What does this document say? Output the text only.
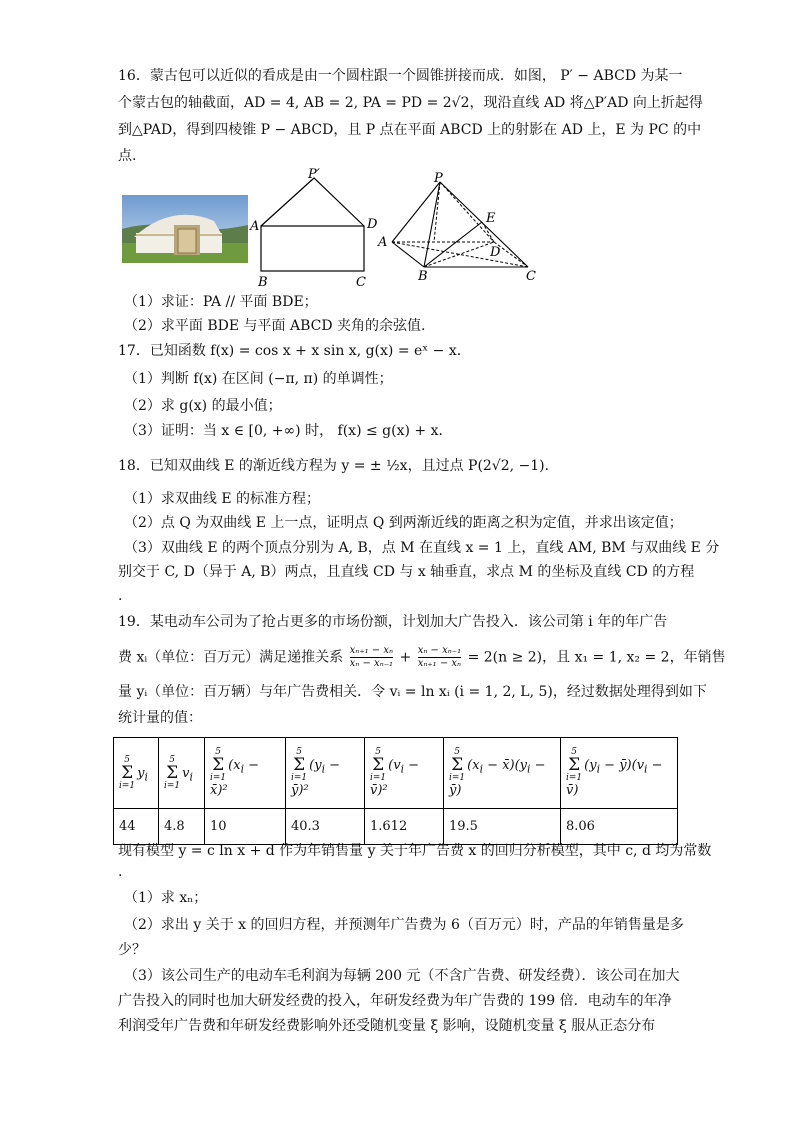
16．蒙古包可以近似的看成是由一个圆柱跟一个圆锥拼接而成．如图， P′ − ABCD 为某一
个蒙古包的轴截面，AD = 4, AB = 2, PA = PD = 2√2，现沿直线 AD 将△P′AD 向上折起得
到△PAD，得到四棱锥 P − ABCD，且 P 点在平面 ABCD 上的射影在 AD 上，E 为 PC 的中
点.
P′
A	D
B	C
P
A
E
D
B	C
（1）求证：PA // 平面 BDE；
（2）求平面 BDE 与平面 ABCD 夹角的余弦值.
17．已知函数 f(x) = cos x + x sin x, g(x) = eˣ − x．
（1）判断 f(x) 在区间 (−π, π) 的单调性；
（2）求 g(x) 的最小值；
（3）证明：当 x ∈ [0, +∞) 时， f(x) ≤ g(x) + x．
18．已知双曲线 E 的渐近线方程为 y = ± ½x，且过点 P(2√2, −1)．
（1）求双曲线 E 的标准方程；
（2）点 Q 为双曲线 E 上一点，证明点 Q 到两渐近线的距离之积为定值，并求出该定值；
（3）双曲线 E 的两个顶点分别为 A, B，点 M 在直线 x = 1 上，直线 AM, BM 与双曲线 E 分
别交于 C, D（异于 A, B）两点，且直线 CD 与 x 轴垂直，求点 M 的坐标及直线 CD 的方程
.
19．某电动车公司为了抢占更多的市场份额，计划加大广告投入．该公司第 i 年的年广告
费 xᵢ（单位：百万元）满足递推关系 $\frac{\text{xₙ₊₁ − xₙ}}{\text{xₙ − xₙ₋₁}} + \frac{\text{xₙ − xₙ₋₁}}{\text{xₙ₊₁ − xₙ}} = 2(n \ge 2)$，且 x₁ = 1, x₂ = 2，年销售
量 yᵢ（单位：百万辆）与年广告费相关．令 vᵢ = ln xᵢ (i = 1, 2, L, 5)，经过数据处理得到如下
统计量的值：
5
Σ
i=1
$y_i$	5
Σ
i=1
$v_i$	5
Σ
i=1
($x_i$ − x̄)²	5
Σ
i=1
($y_i$ − ȳ)²	5
Σ
i=1
($v_i$ − v̄)²	5
Σ
i=1
($x_i$ − $x̄)(y_i$ − ȳ)	5
Σ
i=1
($y_i$ − $ȳ)(v_i$ − v̄)
44	4.8	10	40.3	1.612	19.5	8.06
现有模型 y = c ln x + d 作为年销售量 y 关于年广告费 x 的回归分析模型，其中 c, d 均为常数
.
（1）求 xₙ；
（2）求出 y 关于 x 的回归方程，并预测年广告费为 6（百万元）时，产品的年销售量是多
少？
（3）该公司生产的电动车毛利润为每辆 200 元（不含广告费、研发经费）．该公司在加大
广告投入的同时也加大研发经费的投入，年研发经费为年广告费的 199 倍．电动车的年净
利润受年广告费和年研发经费影响外还受随机变量 ξ 影响，设随机变量 ξ 服从正态分布
